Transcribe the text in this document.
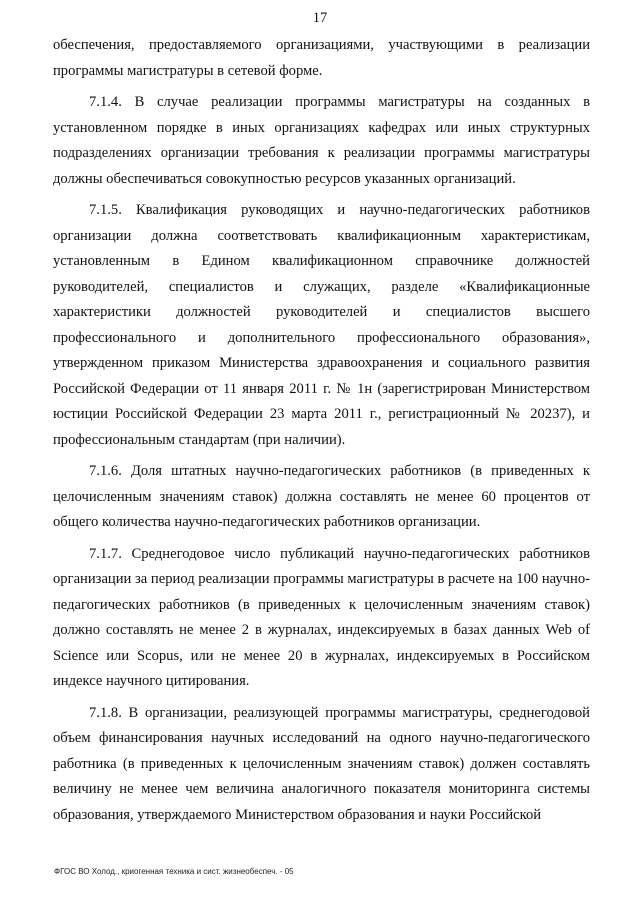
17

обеспечения, предоставляемого организациями, участвующими в реализации программы магистратуры в сетевой форме.

7.1.4. В случае реализации программы магистратуры на созданных в установленном порядке в иных организациях кафедрах или иных структурных подразделениях организации требования к реализации программы магистратуры должны обеспечиваться совокупностью ресурсов указанных организаций.

7.1.5. Квалификация руководящих и научно-педагогических работников организации должна соответствовать квалификационным характеристикам, установленным в Едином квалификационном справочнике должностей руководителей, специалистов и служащих, разделе «Квалификационные характеристики должностей руководителей и специалистов высшего профессионального и дополнительного профессионального образования», утвержденном приказом Министерства здравоохранения и социального развития Российской Федерации от 11 января 2011 г. № 1н (зарегистрирован Министерством юстиции Российской Федерации 23 марта 2011 г., регистрационный № 20237), и профессиональным стандартам (при наличии).

7.1.6. Доля штатных научно-педагогических работников (в приведенных к целочисленным значениям ставок) должна составлять не менее 60 процентов от общего количества научно-педагогических работников организации.

7.1.7. Среднегодовое число публикаций научно-педагогических работников организации за период реализации программы магистратуры в расчете на 100 научно-педагогических работников (в приведенных к целочисленным значениям ставок) должно составлять не менее 2 в журналах, индексируемых в базах данных Web of Science или Scopus, или не менее 20 в журналах, индексируемых в Российском индексе научного цитирования.

7.1.8. В организации, реализующей программы магистратуры, среднегодовой объем финансирования научных исследований на одного научно-педагогического работника (в приведенных к целочисленным значениям ставок) должен составлять величину не менее чем величина аналогичного показателя мониторинга системы образования, утверждаемого Министерством образования и науки Российской

ФГОС ВО Холод., криогенная техника и сист. жизнеобеспеч. - 05
